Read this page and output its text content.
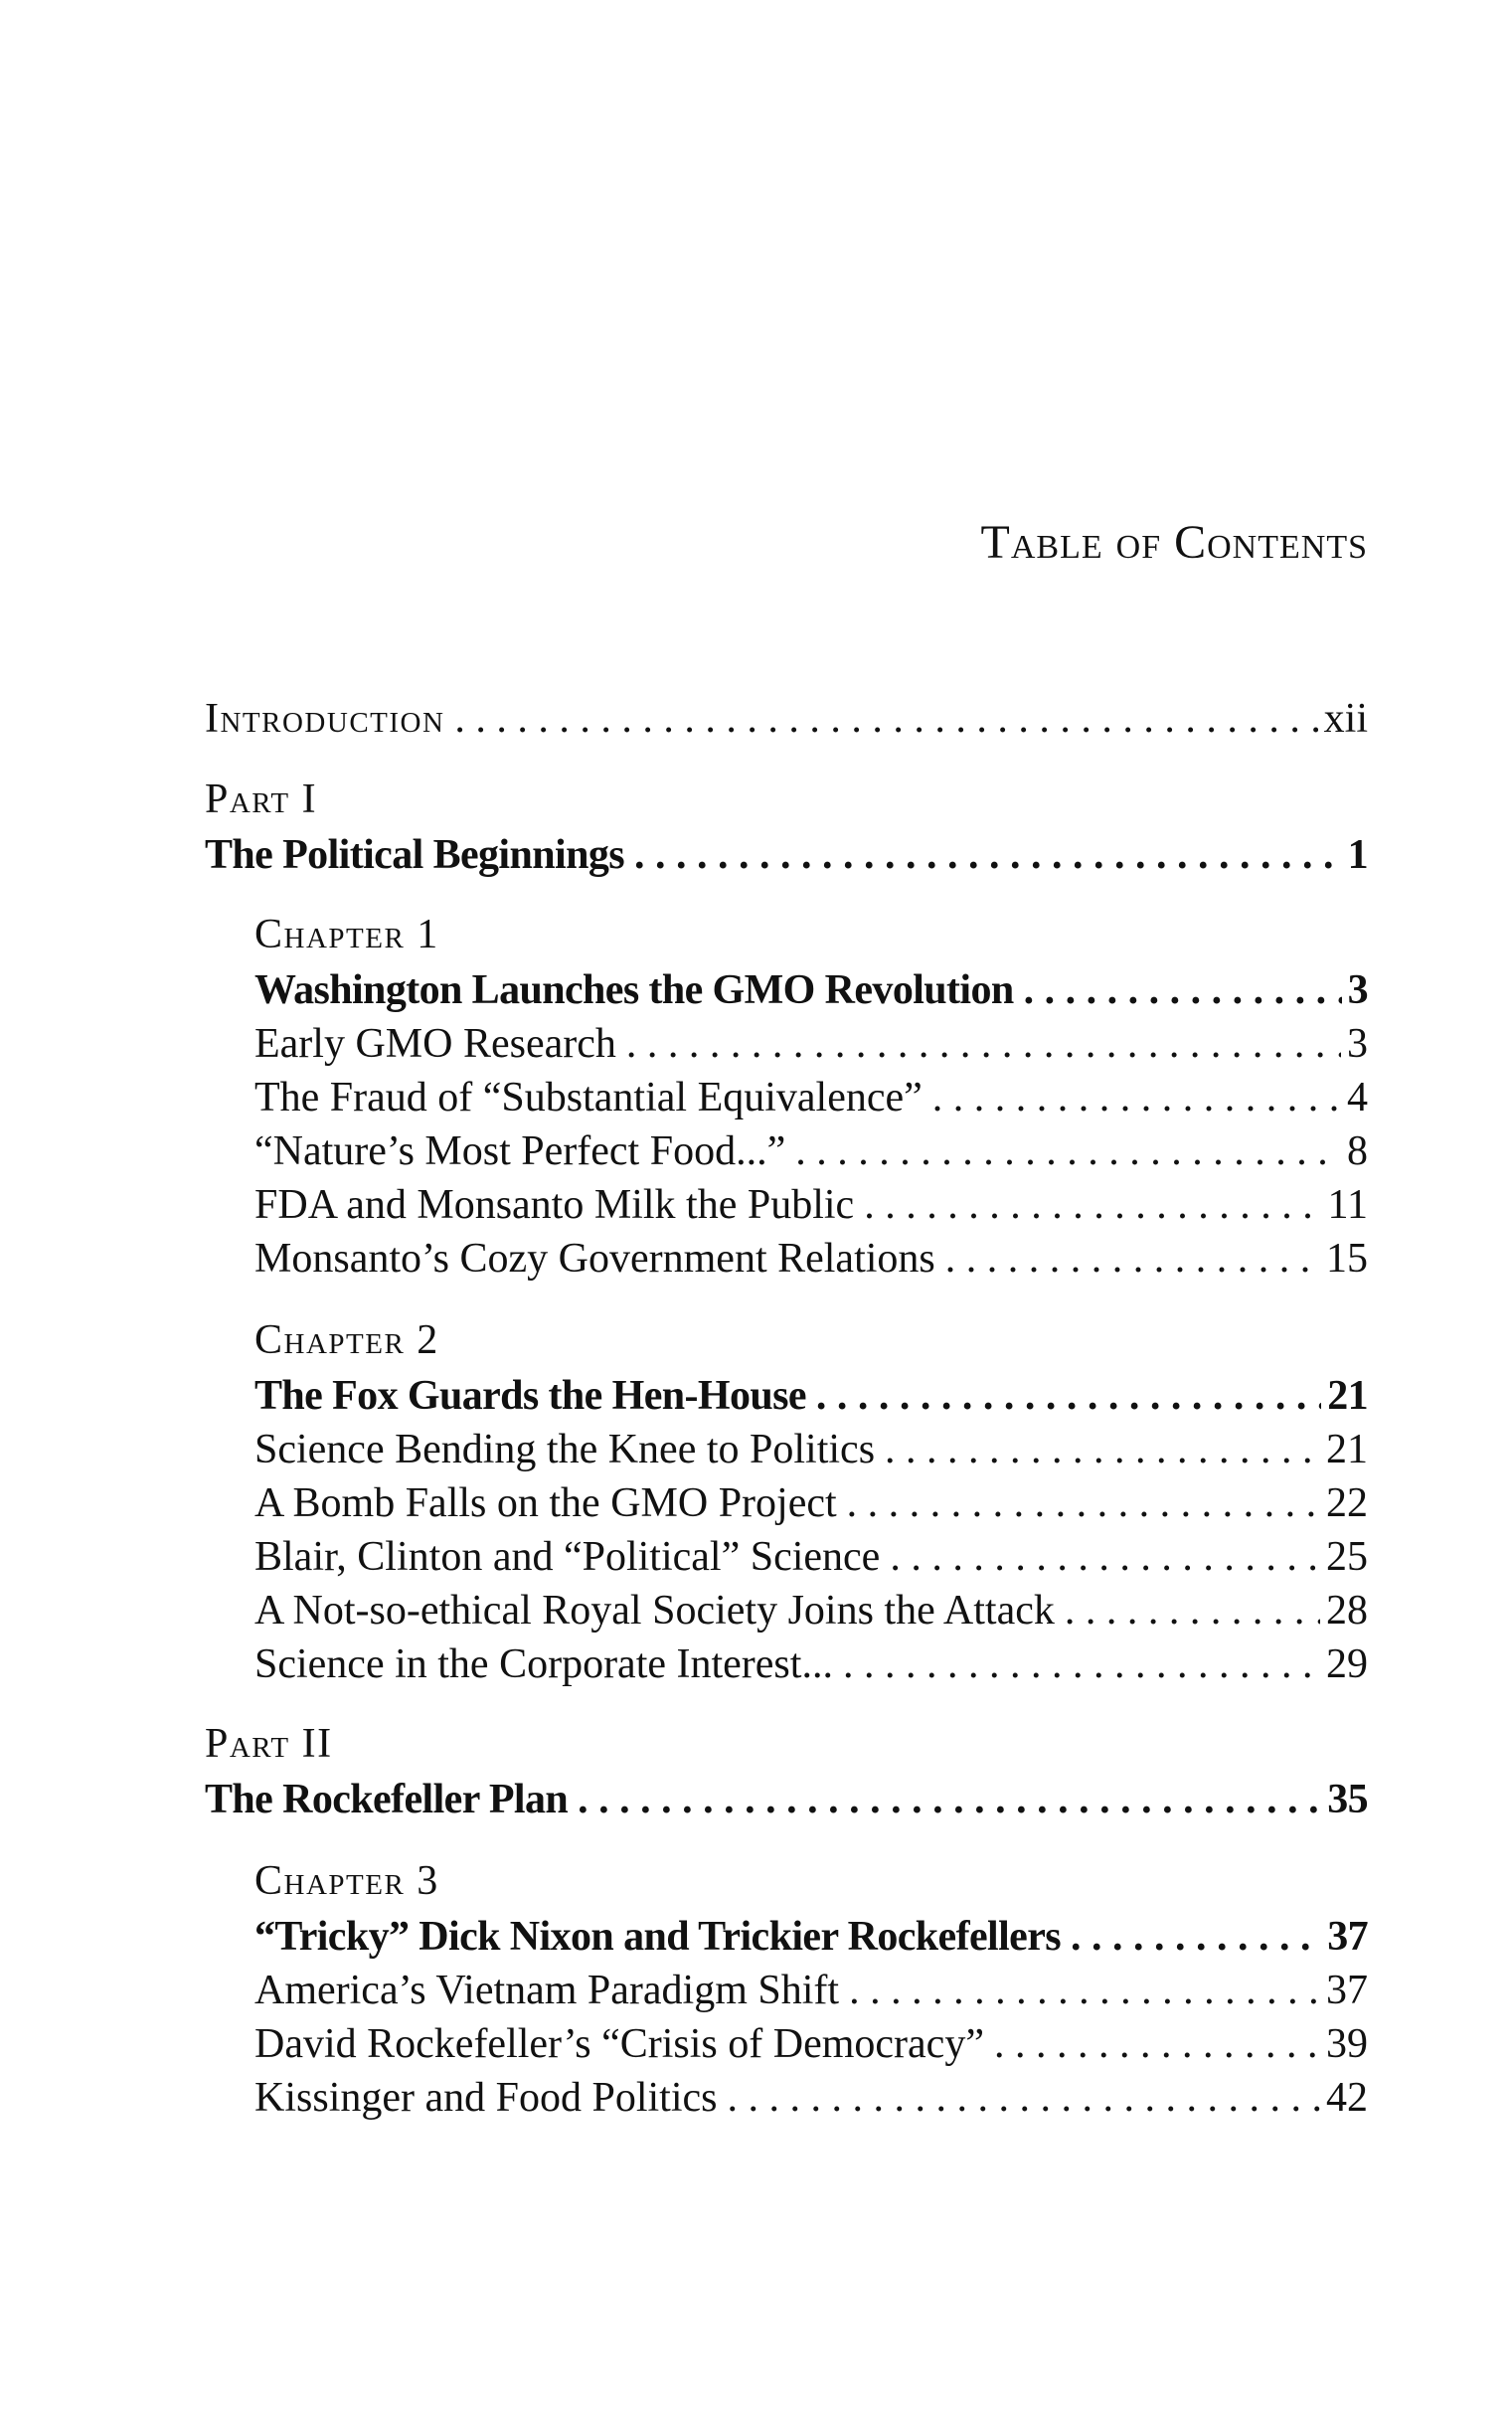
Table of Contents
Introduction . . .	xii
Part I
The Political Beginnings . . .	1
Chapter 1
Washington Launches the GMO Revolution . . .	3
Early GMO Research . . .	3
The Fraud of “Substantial Equivalence” . . .	4
“Nature’s Most Perfect Food...” . . .	8
FDA and Monsanto Milk the Public . . .	11
Monsanto’s Cozy Government Relations . . .	15
Chapter 2
The Fox Guards the Hen-House . . .	21
Science Bending the Knee to Politics . . .	21
A Bomb Falls on the GMO Project . . .	22
Blair, Clinton and “Political” Science . . .	25
A Not-so-ethical Royal Society Joins the Attack . . .	28
Science in the Corporate Interest... . . .	29
Part II
The Rockefeller Plan . . .	35
Chapter 3
“Tricky” Dick Nixon and Trickier Rockefellers . . .	37
America’s Vietnam Paradigm Shift . . .	37
David Rockefeller’s “Crisis of Democracy” . . .	39
Kissinger and Food Politics . . .	42
